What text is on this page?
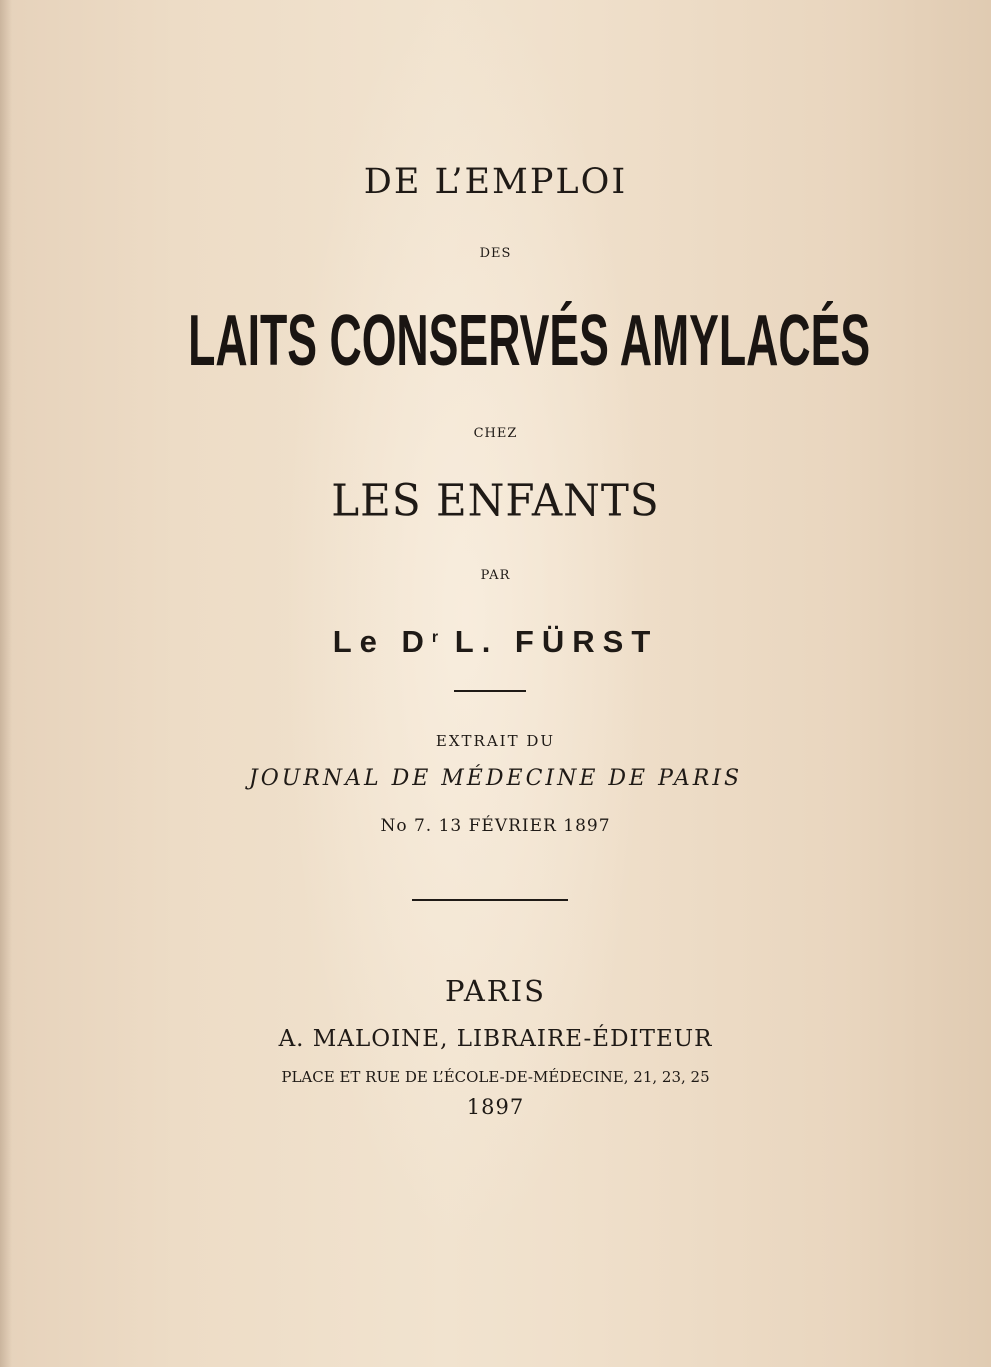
DE L’EMPLOI
DES
LAITS CONSERVÉS AMYLACÉS
CHEZ
LES ENFANTS
PAR
Le $D^r$ L. FÜRST
EXTRAIT DU
JOURNAL DE MÉDECINE DE PARIS
No 7. 13 FÉVRIER 1897
PARIS
A. MALOINE, LIBRAIRE-ÉDITEUR
PLACE ET RUE DE L’ÉCOLE-DE-MÉDECINE, 21, 23, 25
1897
